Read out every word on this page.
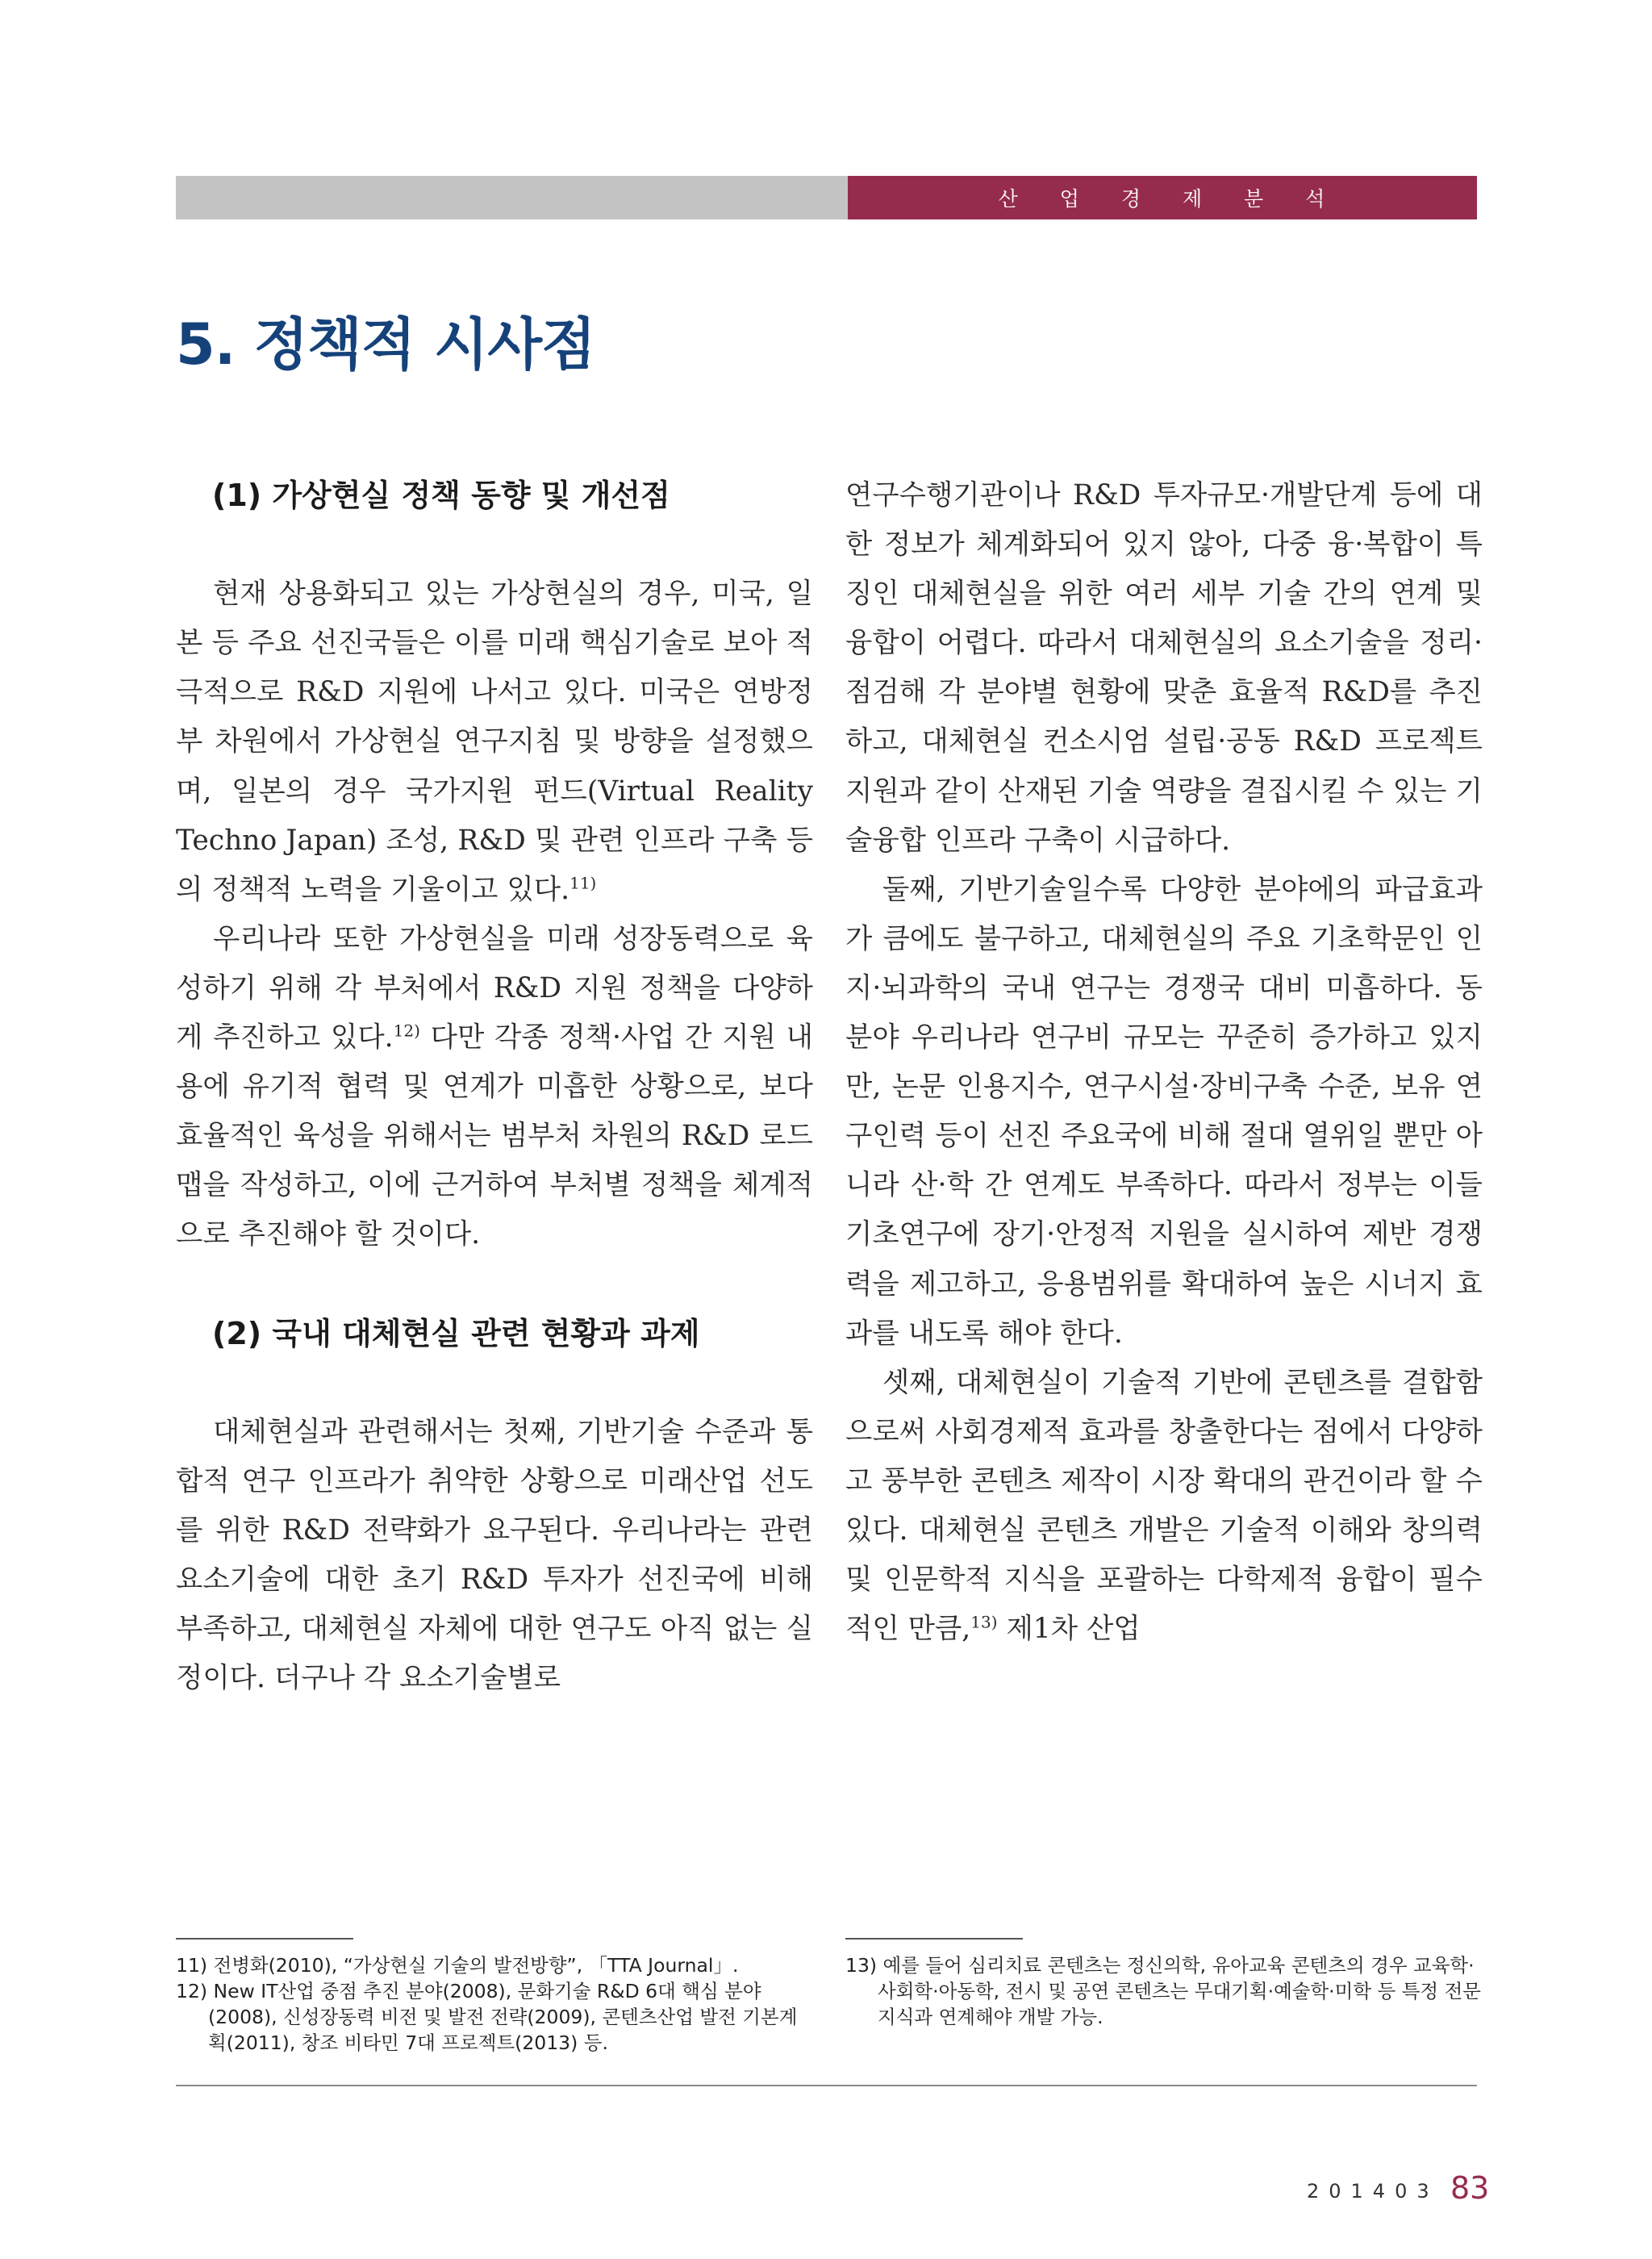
산 업 경 제 분 석
5. 정책적 시사점

(1) 가상현실 정책 동향 및 개선점

현재 상용화되고 있는 가상현실의 경우, 미국, 일본 등 주요 선진국들은 이를 미래 핵심기술로 보아 적극적으로 R&D 지원에 나서고 있다. 미국은 연방정부 차원에서 가상현실 연구지침 및 방향을 설정했으며, 일본의 경우 국가지원 펀드(Virtual Reality Techno Japan) 조성, R&D 및 관련 인프라 구축 등의 정책적 노력을 기울이고 있다.$^{11)}$

우리나라 또한 가상현실을 미래 성장동력으로 육성하기 위해 각 부처에서 R&D 지원 정책을 다양하게 추진하고 있다.$^{12)}$ 다만 각종 정책·사업 간 지원 내용에 유기적 협력 및 연계가 미흡한 상황으로, 보다 효율적인 육성을 위해서는 범부처 차원의 R&D 로드맵을 작성하고, 이에 근거하여 부처별 정책을 체계적으로 추진해야 할 것이다.

(2) 국내 대체현실 관련 현황과 과제

대체현실과 관련해서는 첫째, 기반기술 수준과 통합적 연구 인프라가 취약한 상황으로 미래산업 선도를 위한 R&D 전략화가 요구된다. 우리나라는 관련 요소기술에 대한 초기 R&D 투자가 선진국에 비해 부족하고, 대체현실 자체에 대한 연구도 아직 없는 실정이다. 더구나 각 요소기술별로

연구수행기관이나 R&D 투자규모·개발단계 등에 대한 정보가 체계화되어 있지 않아, 다중 융·복합이 특징인 대체현실을 위한 여러 세부 기술 간의 연계 및 융합이 어렵다. 따라서 대체현실의 요소기술을 정리·점검해 각 분야별 현황에 맞춘 효율적 R&D를 추진하고, 대체현실 컨소시엄 설립·공동 R&D 프로젝트 지원과 같이 산재된 기술 역량을 결집시킬 수 있는 기술융합 인프라 구축이 시급하다.

둘째, 기반기술일수록 다양한 분야에의 파급효과가 큼에도 불구하고, 대체현실의 주요 기초학문인 인지·뇌과학의 국내 연구는 경쟁국 대비 미흡하다. 동 분야 우리나라 연구비 규모는 꾸준히 증가하고 있지만, 논문 인용지수, 연구시설·장비구축 수준, 보유 연구인력 등이 선진 주요국에 비해 절대 열위일 뿐만 아니라 산·학 간 연계도 부족하다. 따라서 정부는 이들 기초연구에 장기·안정적 지원을 실시하여 제반 경쟁력을 제고하고, 응용범위를 확대하여 높은 시너지 효과를 내도록 해야 한다.

셋째, 대체현실이 기술적 기반에 콘텐츠를 결합함으로써 사회경제적 효과를 창출한다는 점에서 다양하고 풍부한 콘텐츠 제작이 시장 확대의 관건이라 할 수 있다. 대체현실 콘텐츠 개발은 기술적 이해와 창의력 및 인문학적 지식을 포괄하는 다학제적 융합이 필수적인 만큼,$^{13)}$ 제1차 산업

11) 전병화(2010), “가상현실 기술의 발전방향”, 「TTA Journal」.

12) New IT산업 중점 추진 분야(2008), 문화기술 R&D 6대 핵심 분야(2008), 신성장동력 비전 및 발전 전략(2009), 콘텐츠산업 발전 기본계획(2011), 창조 비타민 7대 프로젝트(2013) 등.

13) 예를 들어 심리치료 콘텐츠는 정신의학, 유아교육 콘텐츠의 경우 교육학·사회학·아동학, 전시 및 공연 콘텐츠는 무대기획·예술학·미학 등 특정 전문지식과 연계해야 개발 가능.

201403 83
